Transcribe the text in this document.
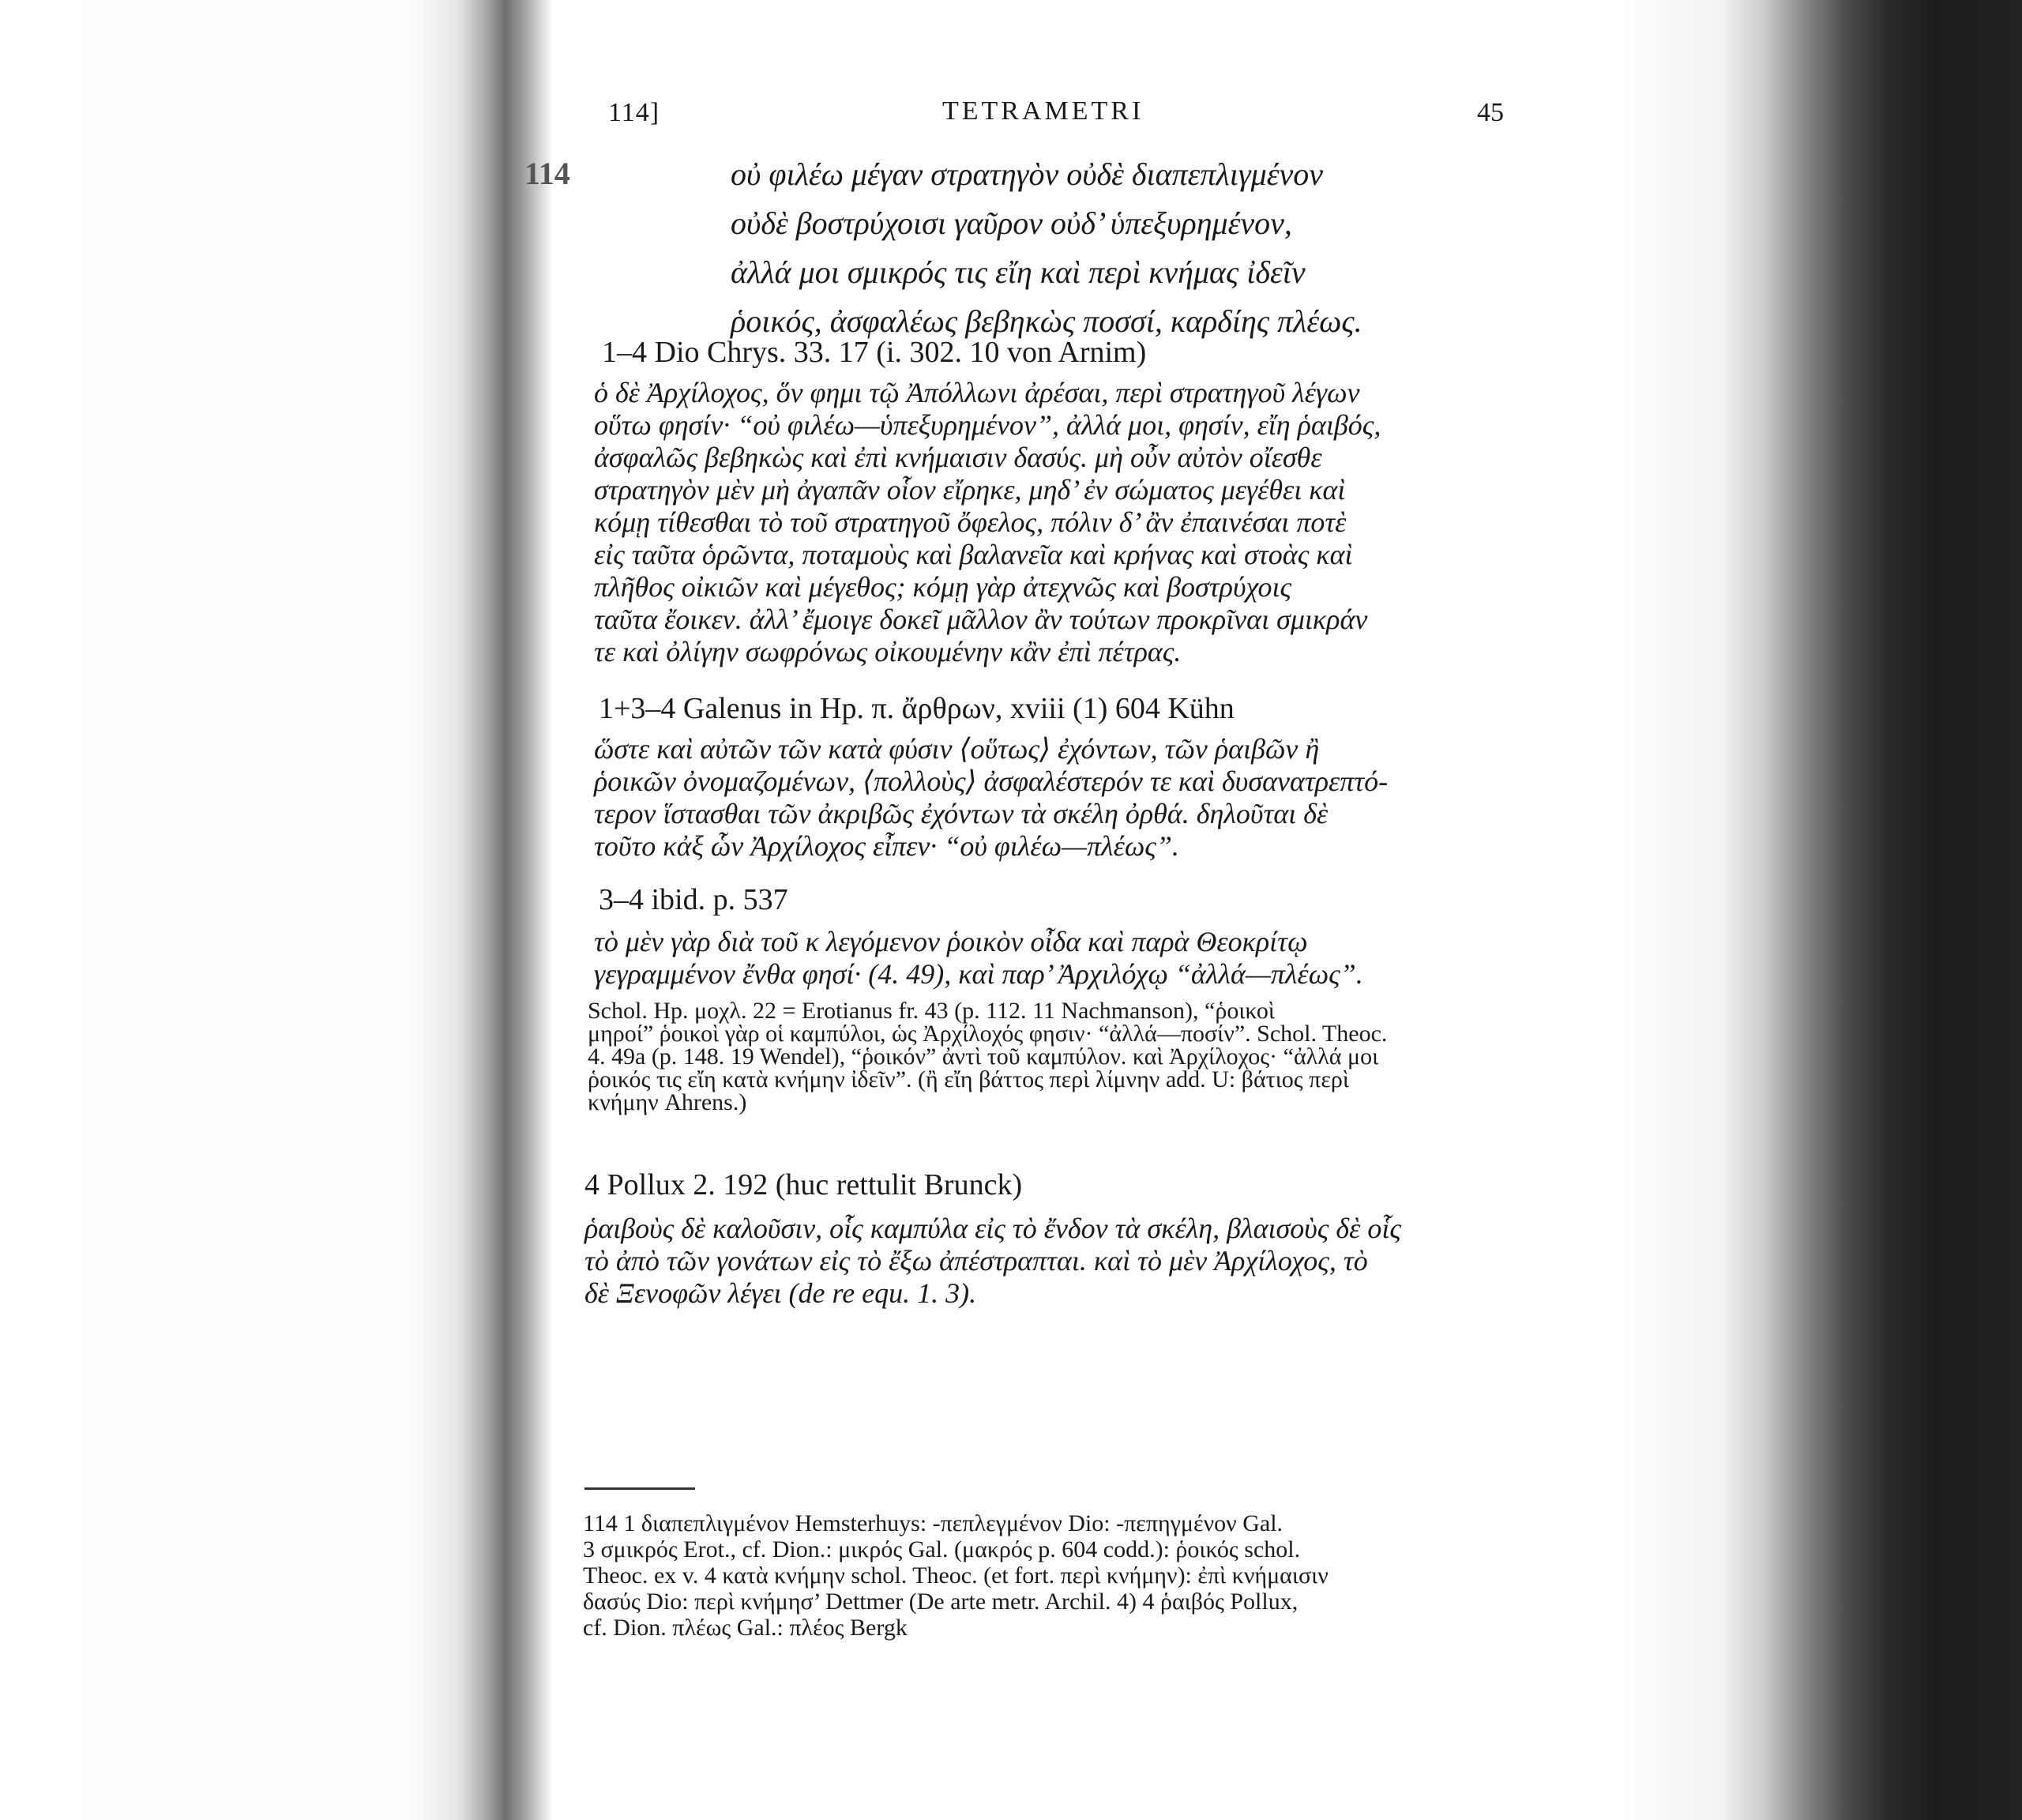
114]	TETRAMETRI	45
114	οὐ φιλέω μέγαν στρατηγὸν οὐδὲ διαπεπλιγμένον
οὐδὲ βοστρύχοισι γαῦρον οὐδ’ ὑπεξυρημένον,
ἀλλά μοι σμικρός τις εἴη καὶ περὶ κνήμας ἰδεῖν
ῥοικός, ἀσφαλέως βεβηκὼς ποσσί, καρδίης πλέως.
1–4 Dio Chrys. 33. 17 (i. 302. 10 von Arnim)
ὁ δὲ Ἀρχίλοχος, ὅν φημι τῷ Ἀπόλλωνι ἀρέσαι, περὶ στρατηγοῦ λέγων
οὕτω φησίν· “οὐ φιλέω—ὑπεξυρημένον”, ἀλλά μοι, φησίν, εἴη ῥαιβός,
ἀσφαλῶς βεβηκὼς καὶ ἐπὶ κνήμαισιν δασύς. μὴ οὖν αὐτὸν οἴεσθε
στρατηγὸν μὲν μὴ ἀγαπᾶν οἷον εἴρηκε, μηδ’ ἐν σώματος μεγέθει καὶ
κόμῃ τίθεσθαι τὸ τοῦ στρατηγοῦ ὄφελος, πόλιν δ’ ἂν ἐπαινέσαι ποτὲ
εἰς ταῦτα ὁρῶντα, ποταμοὺς καὶ βαλανεῖα καὶ κρήνας καὶ στοὰς καὶ
πλῆθος οἰκιῶν καὶ μέγεθος; κόμῃ γὰρ ἀτεχνῶς καὶ βοστρύχοις
ταῦτα ἔοικεν. ἀλλ’ ἔμοιγε δοκεῖ μᾶλλον ἂν τούτων προκρῖναι σμικράν
τε καὶ ὀλίγην σωφρόνως οἰκουμένην κἂν ἐπὶ πέτρας.
1+3–4 Galenus in Hp. π. ἄρθρων, xviii (1) 604 Kühn
ὥστε καὶ αὐτῶν τῶν κατὰ φύσιν ⟨οὕτως⟩ ἐχόντων, τῶν ῥαιβῶν ἢ
ῥοικῶν ὀνομαζομένων, ⟨πολλοὺς⟩ ἀσφαλέστερόν τε καὶ δυσανατρεπτό-
τερον ἵστασθαι τῶν ἀκριβῶς ἐχόντων τὰ σκέλη ὀρθά. δηλοῦται δὲ
τοῦτο κἀξ ὧν Ἀρχίλοχος εἶπεν· “οὐ φιλέω—πλέως”.
3–4 ibid. p. 537
τὸ μὲν γὰρ διὰ τοῦ κ λεγόμενον ῥοικὸν οἶδα καὶ παρὰ Θεοκρίτῳ
γεγραμμένον ἔνθα φησί· (4. 49), καὶ παρ’ Ἀρχιλόχῳ “ἀλλά—πλέως”.
Schol. Hp. μοχλ. 22 = Erotianus fr. 43 (p. 112. 11 Nachmanson), “ῥοικοὶ
μηροί” ῥοικοὶ γὰρ οἱ καμπύλοι, ὡς Ἀρχίλοχός φησιν· “ἀλλά—ποσίν”. Schol. Theoc.
4. 49a (p. 148. 19 Wendel), “ῥοικόν” ἀντὶ τοῦ καμπύλον. καὶ Ἀρχίλοχος· “ἀλλά μοι
ῥοικός τις εἴη κατὰ κνήμην ἰδεῖν”. (ἢ εἴη βάττος περὶ λίμνην add. U: βάτιος περὶ
κνήμην Ahrens.)
4 Pollux 2. 192 (huc rettulit Brunck)
ῥαιβοὺς δὲ καλοῦσιν, οἷς καμπύλα εἰς τὸ ἔνδον τὰ σκέλη, βλαισοὺς δὲ οἷς
τὸ ἀπὸ τῶν γονάτων εἰς τὸ ἔξω ἀπέστραπται. καὶ τὸ μὲν Ἀρχίλοχος, τὸ
δὲ Ξενοφῶν λέγει (de re equ. 1. 3).
114 1 διαπεπλιγμένον Hemsterhuys: -πεπλεγμένον Dio: -πεπηγμένον Gal.
3 σμικρός Erot., cf. Dion.: μικρός Gal. (μακρός p. 604 codd.): ῥοικός schol.
Theoc. ex v. 4 κατὰ κνήμην schol. Theoc. (et fort. περὶ κνήμην): ἐπὶ κνήμαισιν
δασύς Dio: περὶ κνήμησ’ Dettmer (De arte metr. Archil. 4) 4 ῥαιβός Pollux,
cf. Dion. πλέως Gal.: πλέος Bergk
